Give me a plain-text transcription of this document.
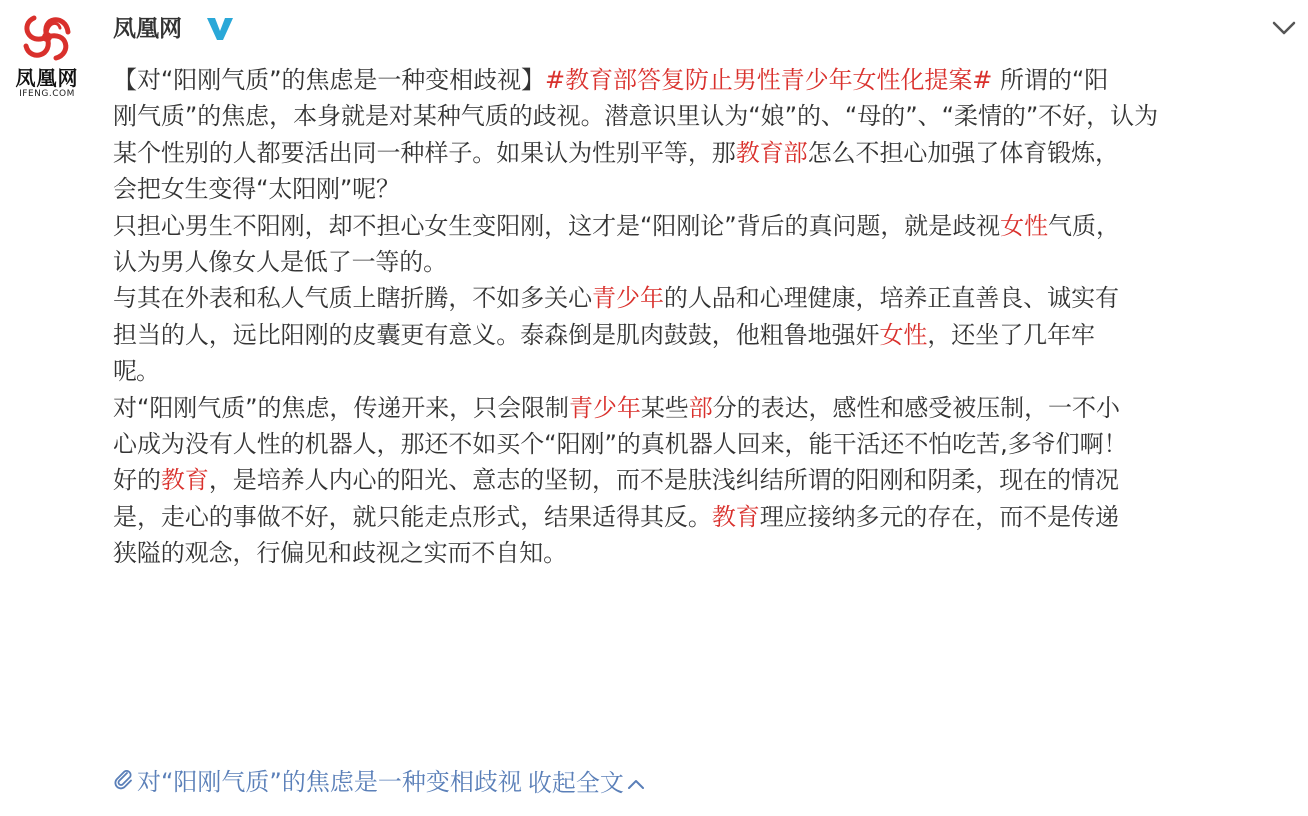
凤凰网
IFENG.COM
凤凰网
【对“阳刚气质”的焦虑是一种变相歧视】#教育部答复防止男性青少年女性化提案# 所谓的“阳
刚气质”的焦虑，本身就是对某种气质的歧视。潜意识里认为“娘”的、“母的”、“柔情的”不好，认为
某个性别的人都要活出同一种样子。如果认为性别平等，那教育部怎么不担心加强了体育锻炼，
会把女生变得“太阳刚”呢？
只担心男生不阳刚，却不担心女生变阳刚，这才是“阳刚论”背后的真问题，就是歧视女性气质，
认为男人像女人是低了一等的。
与其在外表和私人气质上瞎折腾，不如多关心青少年的人品和心理健康，培养正直善良、诚实有
担当的人，远比阳刚的皮囊更有意义。泰森倒是肌肉鼓鼓，他粗鲁地强奸女性，还坐了几年牢
呢。
对“阳刚气质”的焦虑，传递开来，只会限制青少年某些部分的表达，感性和感受被压制，一不小
心成为没有人性的机器人，那还不如买个“阳刚”的真机器人回来，能干活还不怕吃苦,多爷们啊！
好的教育，是培养人内心的阳光、意志的坚韧，而不是肤浅纠结所谓的阳刚和阴柔，现在的情况
是，走心的事做不好，就只能走点形式，结果适得其反。教育理应接纳多元的存在，而不是传递
狭隘的观念，行偏见和歧视之实而不自知。
对“阳刚气质”的焦虑是一种变相歧视 收起全文
